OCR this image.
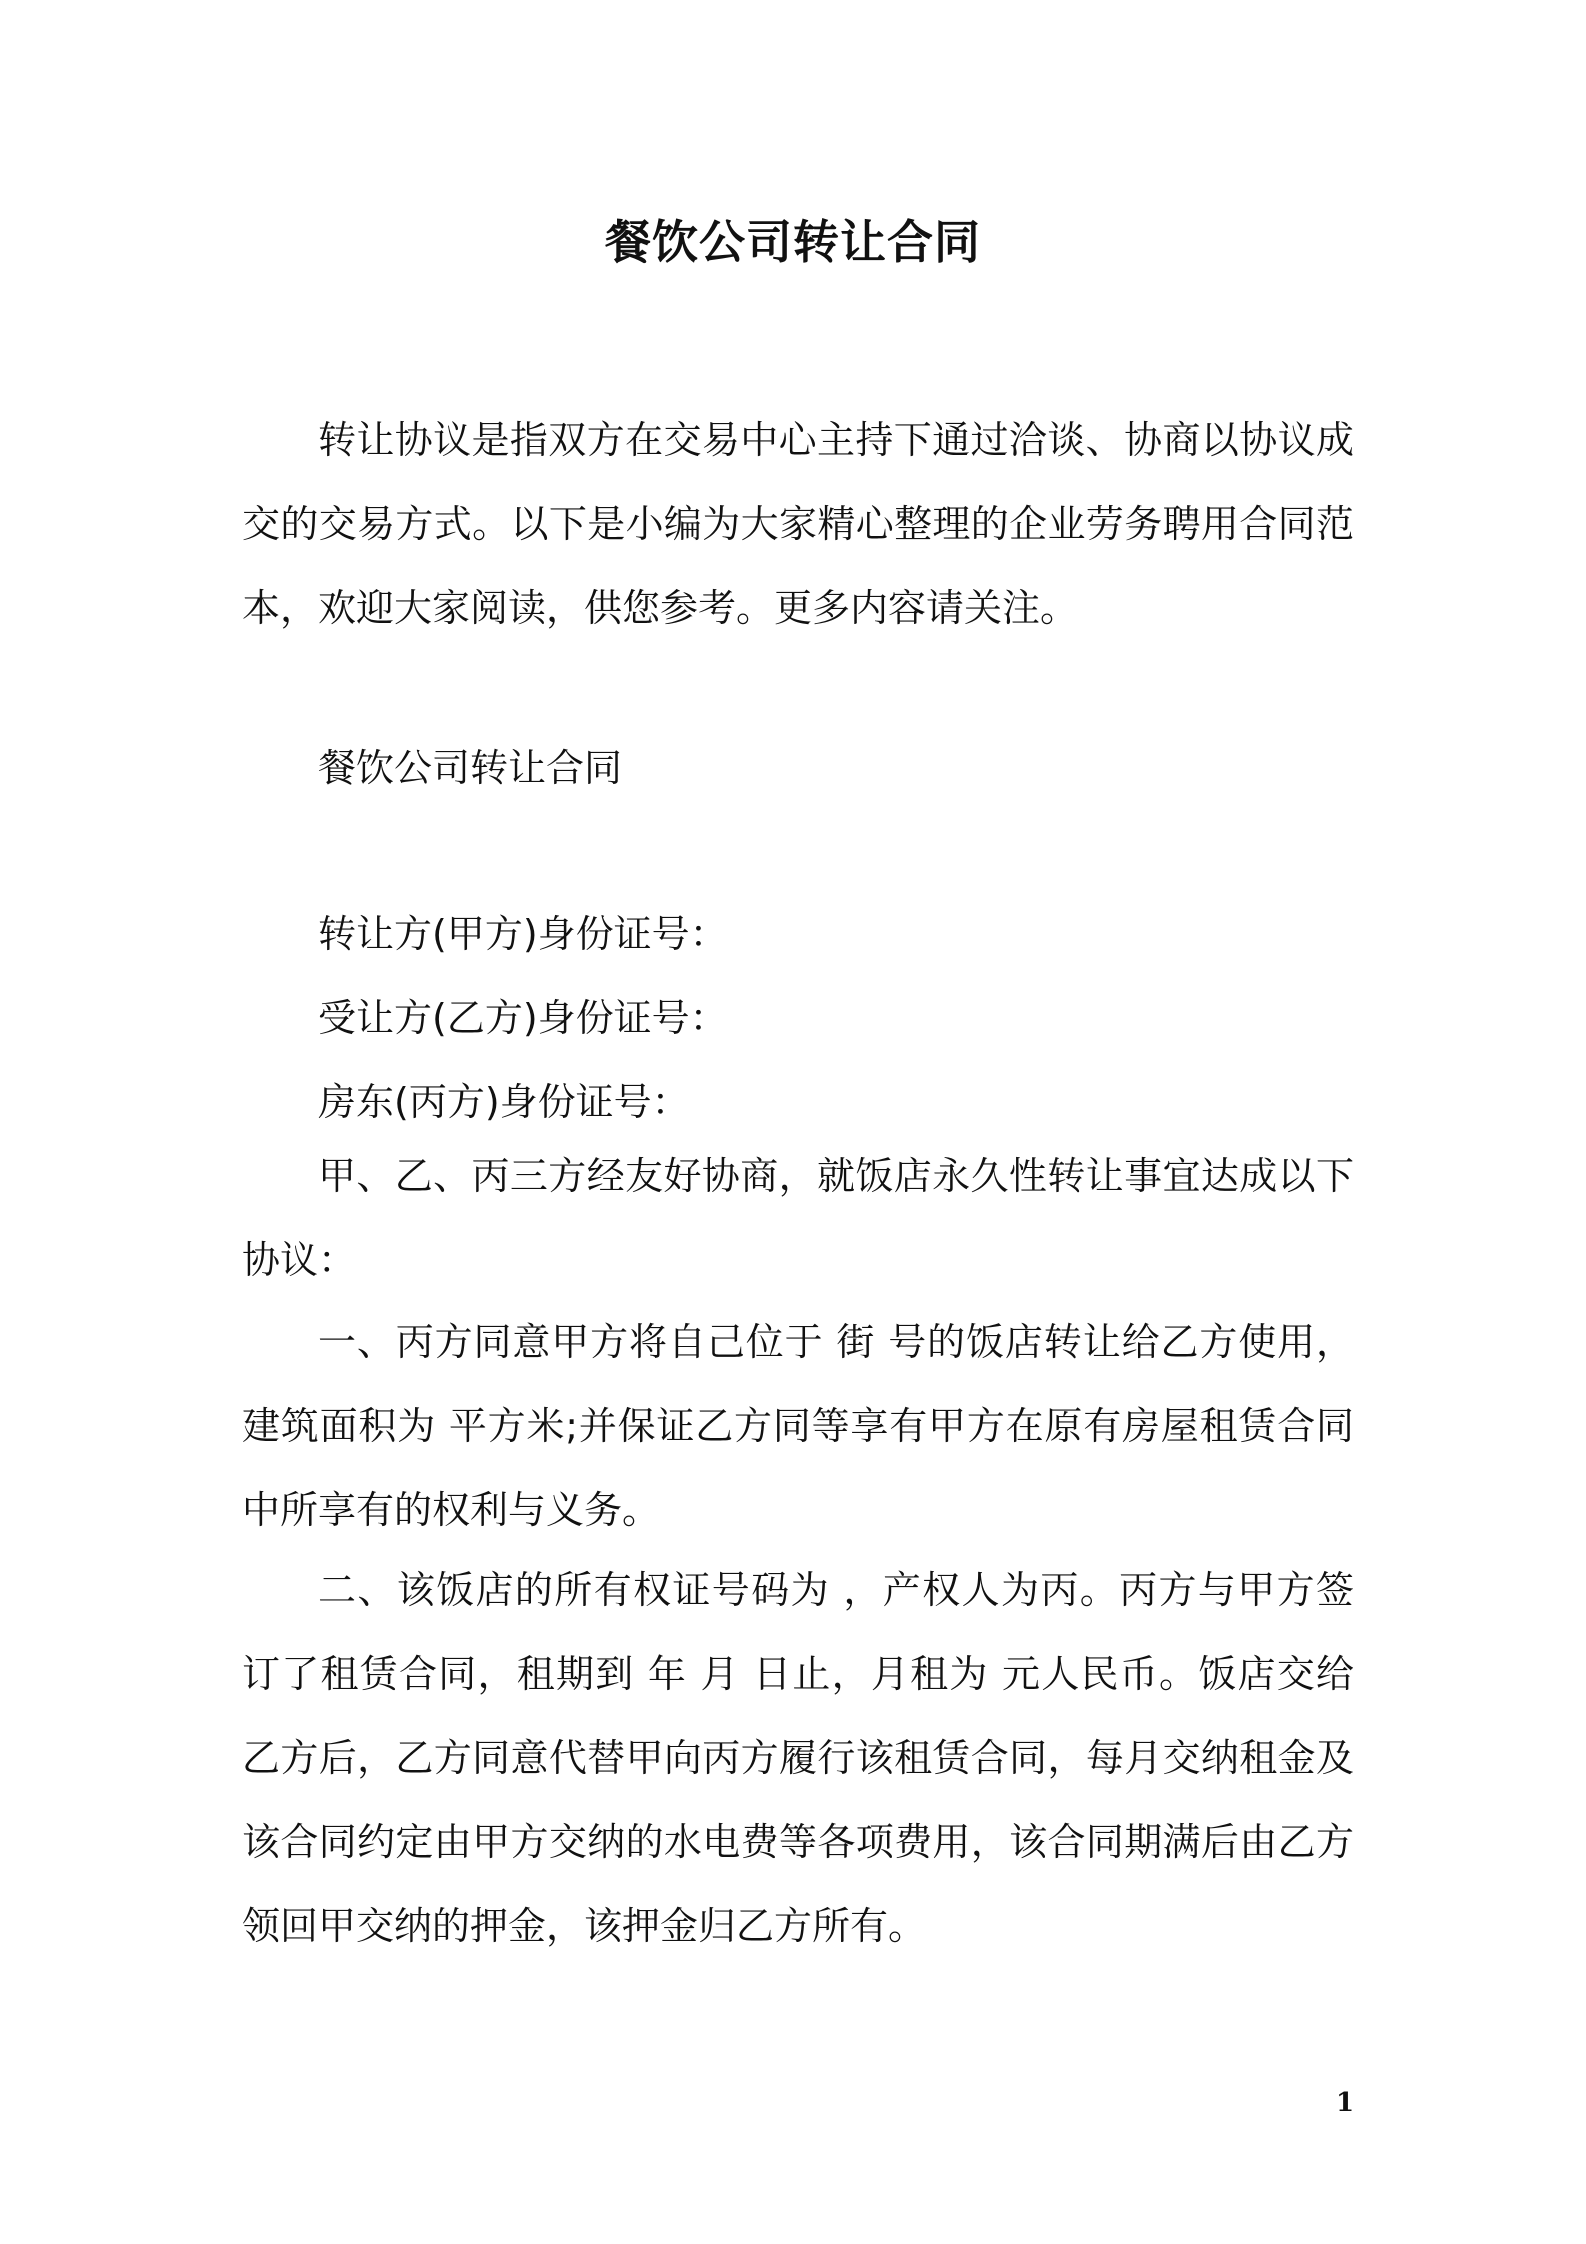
餐饮公司转让合同

转让协议是指双方在交易中心主持下通过洽谈、协商以协议成交的交易方式。以下是小编为大家精心整理的企业劳务聘用合同范本，欢迎大家阅读，供您参考。更多内容请关注。

餐饮公司转让合同

转让方(甲方)身份证号：

受让方(乙方)身份证号：

房东(丙方)身份证号：

甲、乙、丙三方经友好协商，就饭店永久性转让事宜达成以下协议：

一、丙方同意甲方将自己位于 街 号的饭店转让给乙方使用，建筑面积为 平方米;并保证乙方同等享有甲方在原有房屋租赁合同中所享有的权利与义务。

二、该饭店的所有权证号码为 ，产权人为丙。丙方与甲方签订了租赁合同，租期到 年 月 日止，月租为 元人民币。饭店交给乙方后，乙方同意代替甲向丙方履行该租赁合同，每月交纳租金及该合同约定由甲方交纳的水电费等各项费用，该合同期满后由乙方领回甲交纳的押金，该押金归乙方所有。

1
